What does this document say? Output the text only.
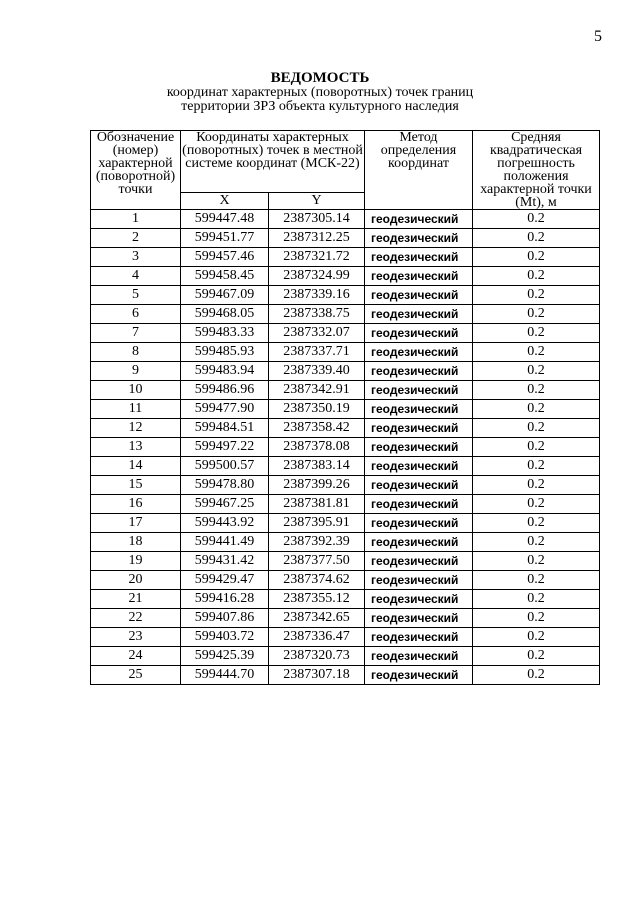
5
ВЕДОМОСТЬ
координат характерных (поворотных) точек границ
территории ЗРЗ объекта культурного наследия
Обозначение (номер) характерной (поворотной) точки	Координаты характерных (поворотных) точек в местной системе координат (МСК-22)		Метод определения координат	Средняя квадратическая погрешность положения характерной точки (Mt), м
	X	Y		
1	599447.48	2387305.14	геодезический	0.2
2	599451.77	2387312.25	геодезический	0.2
3	599457.46	2387321.72	геодезический	0.2
4	599458.45	2387324.99	геодезический	0.2
5	599467.09	2387339.16	геодезический	0.2
6	599468.05	2387338.75	геодезический	0.2
7	599483.33	2387332.07	геодезический	0.2
8	599485.93	2387337.71	геодезический	0.2
9	599483.94	2387339.40	геодезический	0.2
10	599486.96	2387342.91	геодезический	0.2
11	599477.90	2387350.19	геодезический	0.2
12	599484.51	2387358.42	геодезический	0.2
13	599497.22	2387378.08	геодезический	0.2
14	599500.57	2387383.14	геодезический	0.2
15	599478.80	2387399.26	геодезический	0.2
16	599467.25	2387381.81	геодезический	0.2
17	599443.92	2387395.91	геодезический	0.2
18	599441.49	2387392.39	геодезический	0.2
19	599431.42	2387377.50	геодезический	0.2
20	599429.47	2387374.62	геодезический	0.2
21	599416.28	2387355.12	геодезический	0.2
22	599407.86	2387342.65	геодезический	0.2
23	599403.72	2387336.47	геодезический	0.2
24	599425.39	2387320.73	геодезический	0.2
25	599444.70	2387307.18	геодезический	0.2
